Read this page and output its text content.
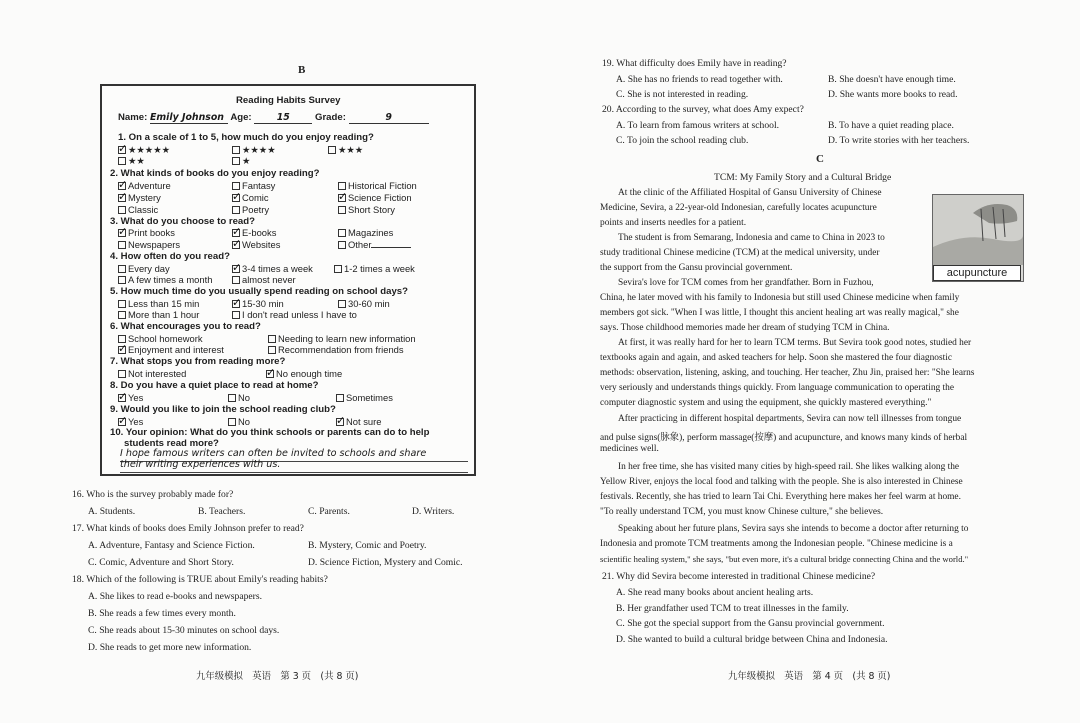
B
Reading Habits Survey
Name: Emily Johnson Age:	15	Grade:	9
1. On a scale of 1 to 5, how much do you enjoy reading?
✓★★★★★	★★★★	★★★
★★	★
2. What kinds of books do you enjoy reading?
✓Adventure	Fantasy	Historical Fiction
✓Mystery ✓	Comic ✓	Science Fiction
Classic	Poetry	Short Story
3. What do you choose to read?
✓Print books ✓	E-books	Magazines
Newspapers ✓	Websites	Other
4. How often do you read?
Every day ✓	3-4 times a week	1-2 times a week
A few times a month	almost never
5. How much time do you usually spend reading on school days?
Less than 15 min ✓	15-30 min	30-60 min
More than 1 hour	I don't read unless I have to
6. What encourages you to read?
School homework	Needing to learn new information
✓Enjoyment and interest	Recommendation from friends
7. What stops you from reading more?
Not interested ✓	No enough time
8. Do you have a quiet place to read at home?
✓Yes	No	Sometimes
9. Would you like to join the school reading club?
✓Yes	No ✓	Not sure
10. Your opinion: What do you think schools or parents can do to help
students read more?
I hope famous writers can often be invited to schools and share
their writing experiences with us.
16. Who is the survey probably made for?
A. Students.	B. Teachers.	C. Parents.	D. Writers.
17. What kinds of books does Emily Johnson prefer to read?
A. Adventure, Fantasy and Science Fiction.	B. Mystery, Comic and Poetry.
C. Comic, Adventure and Short Story.	D. Science Fiction, Mystery and Comic.
18. Which of the following is TRUE about Emily's reading habits?
A. She likes to read e-books and newspapers.
B. She reads a few times every month.
C. She reads about 15-30 minutes on school days.
D. She reads to get more new information.
九年级模拟　英语　第 3 页　(共 8 页)
19. What difficulty does Emily have in reading?
A. She has no friends to read together with.	B. She doesn't have enough time.
C. She is not interested in reading.	D. She wants more books to read.
20. According to the survey, what does Amy expect?
A. To learn from famous writers at school.	B. To have a quiet reading place.
C. To join the school reading club.	D. To write stories with her teachers.
C
TCM: My Family Story and a Cultural Bridge
acupuncture
At the clinic of the Affiliated Hospital of Gansu University of Chinese
Medicine, Sevira, a 22-year-old Indonesian, carefully locates acupuncture
points and inserts needles for a patient.
The student is from Semarang, Indonesia and came to China in 2023 to
study traditional Chinese medicine (TCM) at the medical university, under
the support from the Gansu provincial government.
Sevira's love for TCM comes from her grandfather. Born in Fuzhou,
China, he later moved with his family to Indonesia but still used Chinese medicine when family
members got sick. "When I was little, I thought this ancient healing art was really magical," she
says. Those childhood memories made her dream of studying TCM in China.
At first, it was really hard for her to learn TCM terms. But Sevira took good notes, studied her
textbooks again and again, and asked teachers for help. Soon she mastered the four diagnostic
methods: observation, listening, asking, and touching. Her teacher, Zhu Jin, praised her: "She learns
very seriously and understands things quickly. From language communication to operating the
computer diagnostic system and using the equipment, she quickly mastered everything."
After practicing in different hospital departments, Sevira can now tell illnesses from tongue
and pulse signs(脉象), perform massage(按摩) and acupuncture, and knows many kinds of herbal
medicines well.
In her free time, she has visited many cities by high-speed rail. She likes walking along the
Yellow River, enjoys the local food and talking with the people. She is also interested in Chinese
festivals. Recently, she has tried to learn Tai Chi. Everything here makes her feel warm at home.
"To really understand TCM, you must know Chinese culture," she believes.
Speaking about her future plans, Sevira says she intends to become a doctor after returning to
Indonesia and promote TCM treatments among the Indonesian people. "Chinese medicine is a
scientific healing system," she says, "but even more, it's a cultural bridge connecting China and the world."
21. Why did Sevira become interested in traditional Chinese medicine?
A. She read many books about ancient healing arts.
B. Her grandfather used TCM to treat illnesses in the family.
C. She got the special support from the Gansu provincial government.
D. She wanted to build a cultural bridge between China and Indonesia.
九年级模拟　英语　第 4 页　(共 8 页)
